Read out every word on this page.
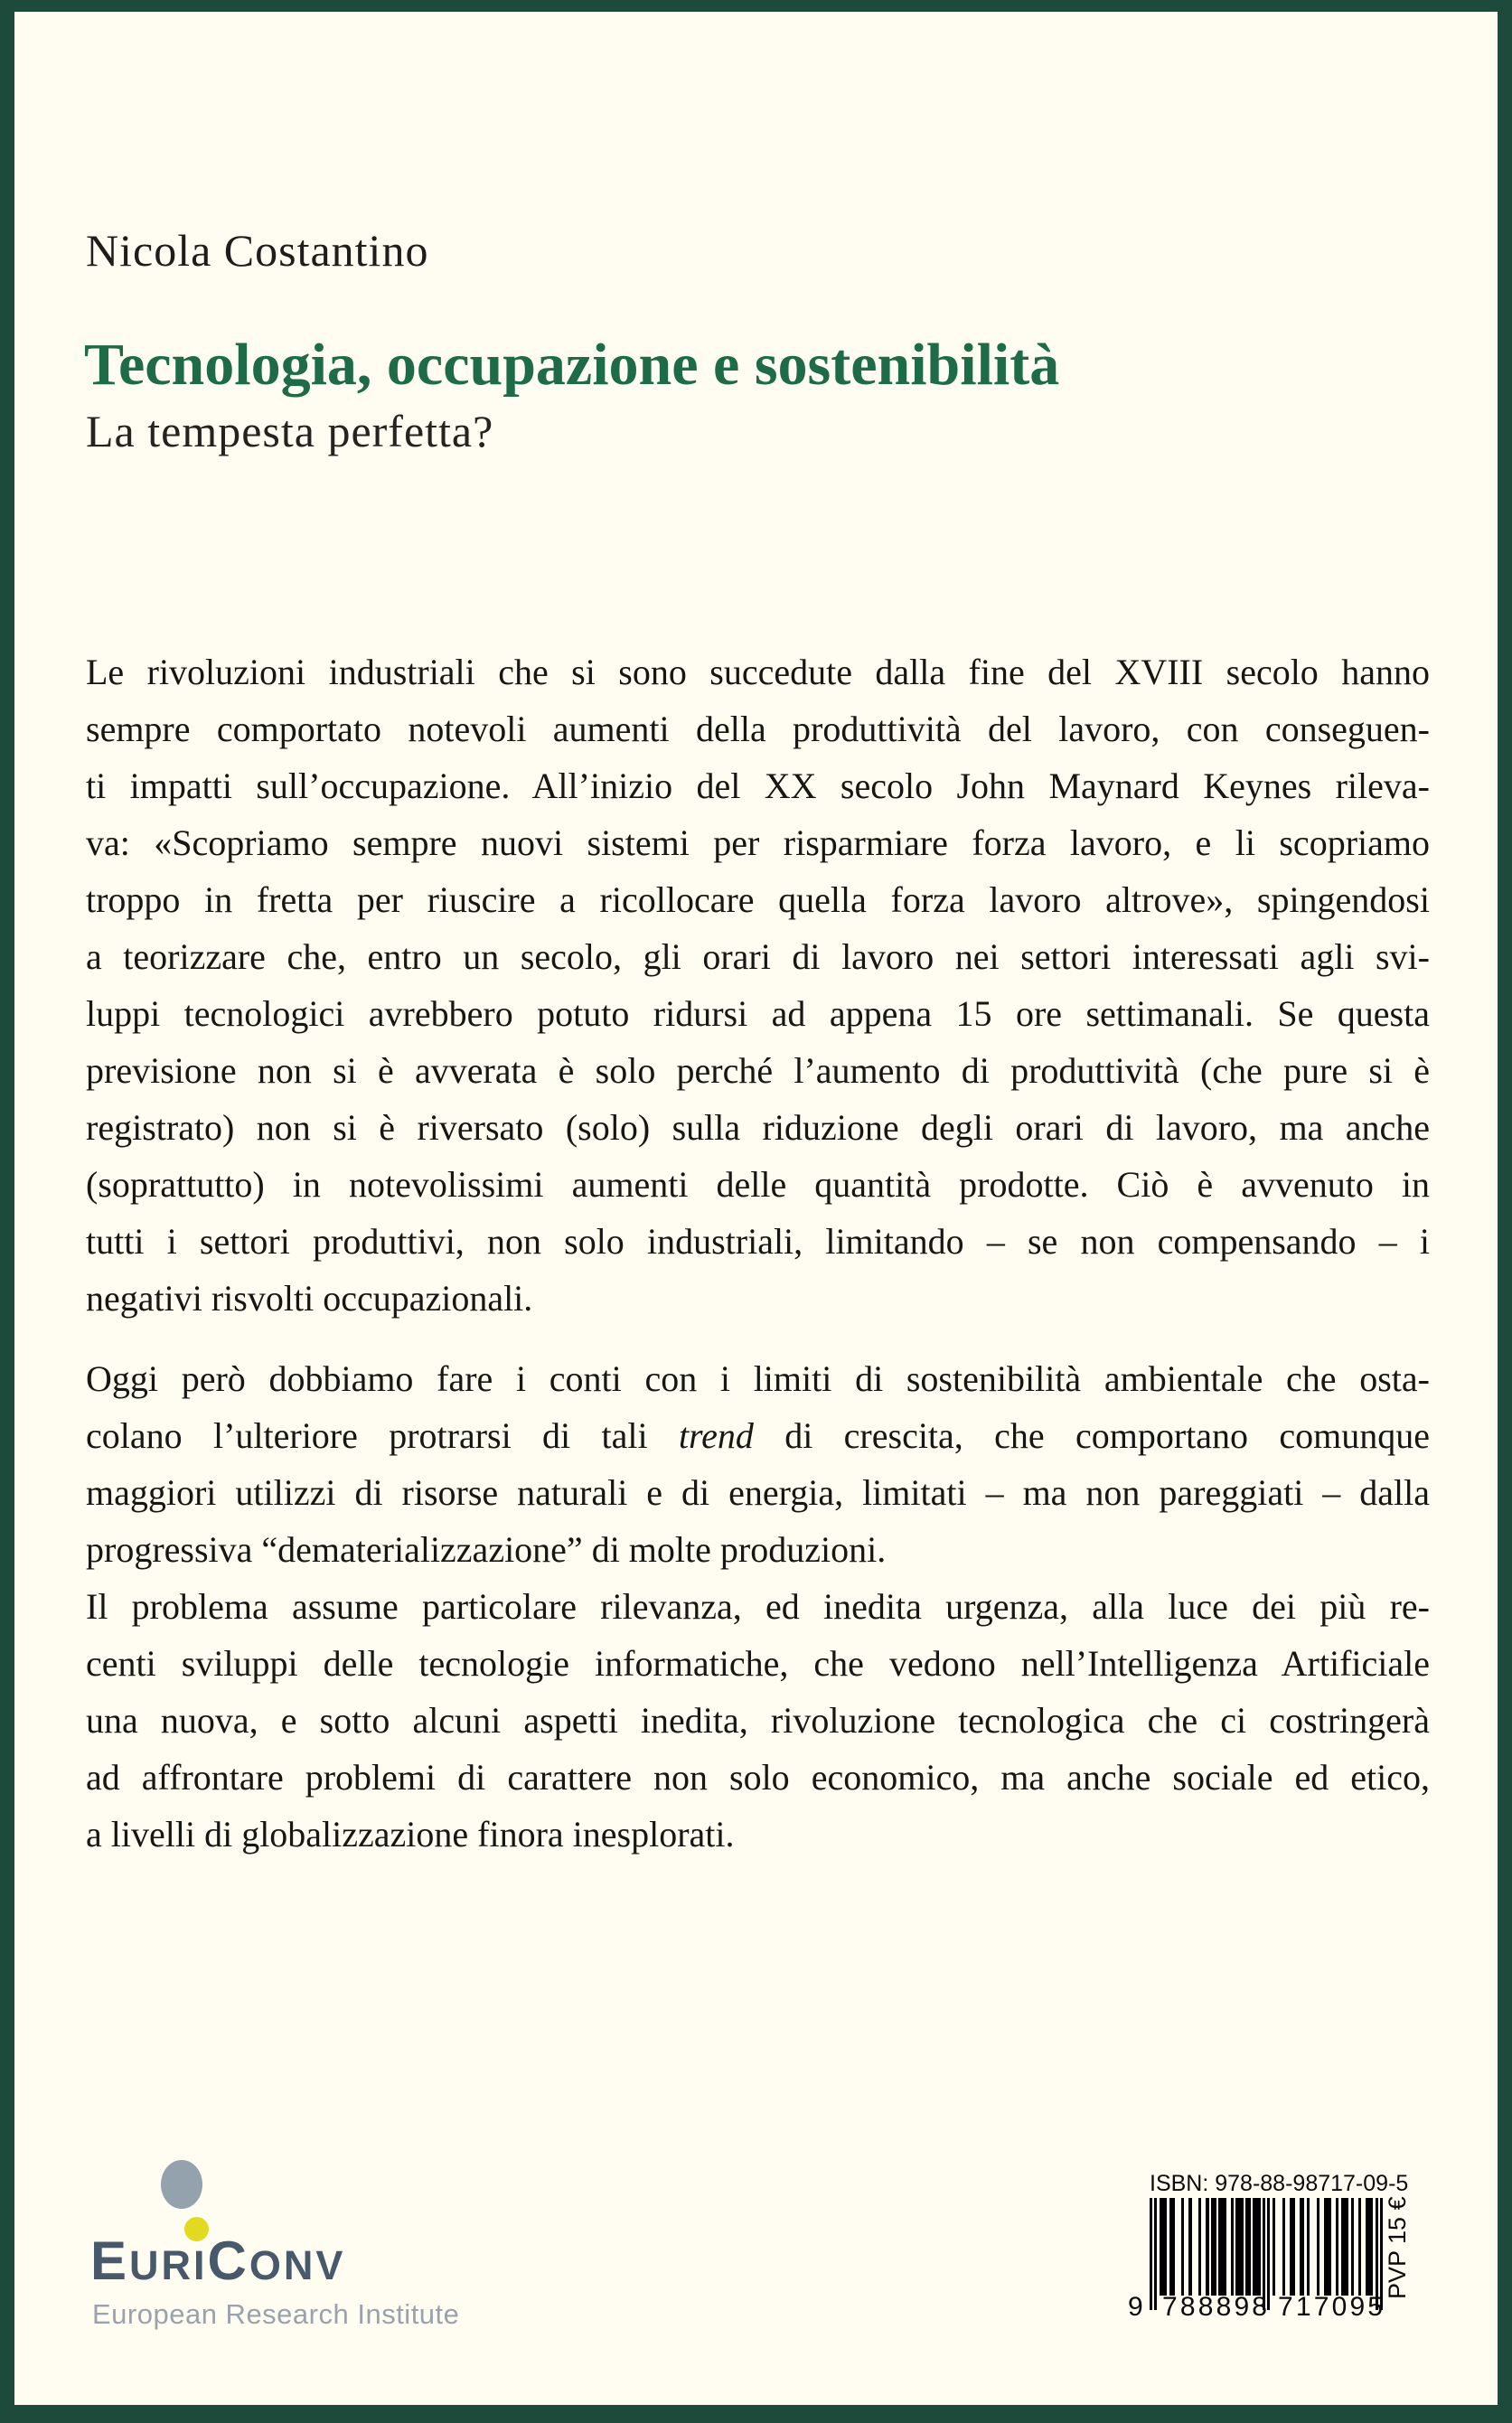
Nicola Costantino
Tecnologia, occupazione e sostenibilità
La tempesta perfetta?
Le rivoluzioni industriali che si sono succedute dalla fine del XVIII secolo hanno
sempre comportato notevoli aumenti della produttività del lavoro, con conseguen-
ti impatti sull’occupazione. All’inizio del XX secolo John Maynard Keynes rileva-
va: «Scopriamo sempre nuovi sistemi per risparmiare forza lavoro, e li scopriamo
troppo in fretta per riuscire a ricollocare quella forza lavoro altrove», spingendosi
a teorizzare che, entro un secolo, gli orari di lavoro nei settori interessati agli svi-
luppi tecnologici avrebbero potuto ridursi ad appena 15 ore settimanali. Se questa
previsione non si è avverata è solo perché l’aumento di produttività (che pure si è
registrato) non si è riversato (solo) sulla riduzione degli orari di lavoro, ma anche
(soprattutto) in notevolissimi aumenti delle quantità prodotte. Ciò è avvenuto in
tutti i settori produttivi, non solo industriali, limitando – se non compensando – i
negativi risvolti occupazionali.
Oggi però dobbiamo fare i conti con i limiti di sostenibilità ambientale che osta-
colano l’ulteriore protrarsi di tali trend di crescita, che comportano comunque
maggiori utilizzi di risorse naturali e di energia, limitati – ma non pareggiati – dalla
progressiva “dematerializzazione” di molte produzioni.
Il problema assume particolare rilevanza, ed inedita urgenza, alla luce dei più re-
centi sviluppi delle tecnologie informatiche, che vedono nell’Intelligenza Artificiale
una nuova, e sotto alcuni aspetti inedita, rivoluzione tecnologica che ci costringerà
ad affrontare problemi di carattere non solo economico, ma anche sociale ed etico,
a livelli di globalizzazione finora inesplorati.
EURICONV
European Research Institute
ISBN: 978-88-98717-09-5
9 7 8 8 8 9 8 7 1 7 0 9 5
PVP 15 €
